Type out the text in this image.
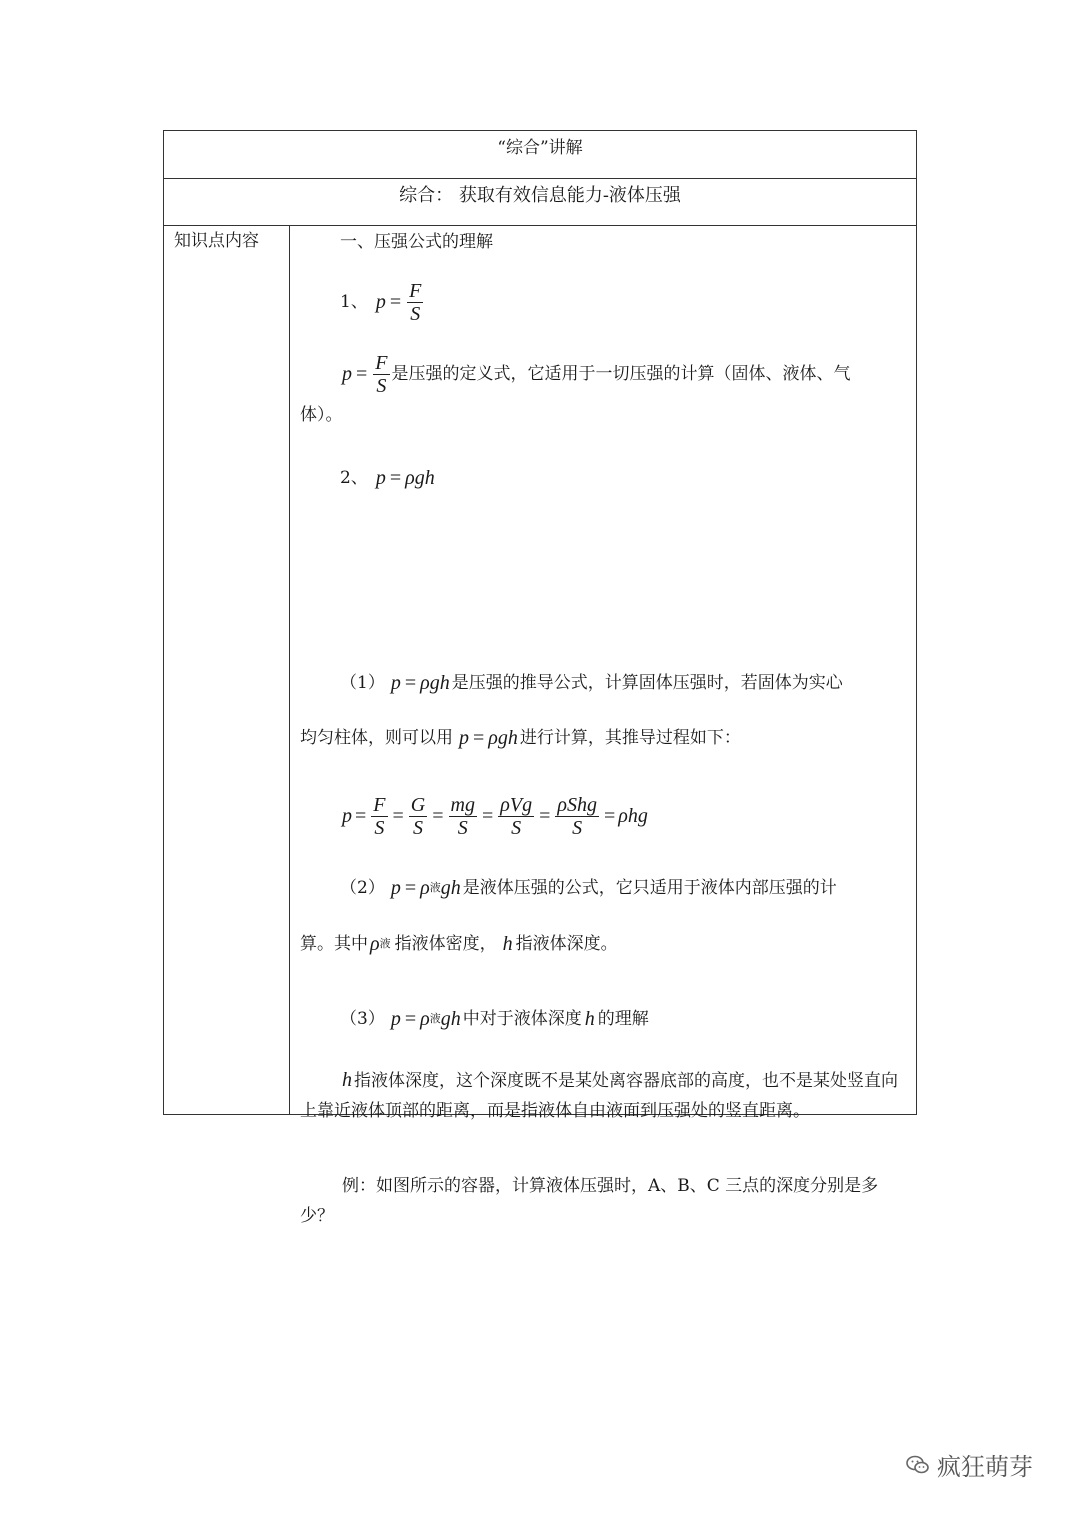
“综合”讲解
综合： 获取有效信息能力-液体压强
知识点内容	一、压强公式的理解
1、 $p = \frac{F}{S}$
$p = \frac{F}{S}$ 是压强的定义式，它适用于一切压强的计算（固体、液体、气
体）。
2、 p = ρgh
（1） p = ρgh 是压强的推导公式，计算固体压强时，若固体为实心
均匀柱体，则可以用 p = ρgh 进行计算，其推导过程如下：
$p = \frac{F}{S} = \frac{G}{S} = \frac{mg}{S} = \frac{\text{ρVg}}{S} = \frac{\text{ρShg}}{S} = \rho hg$
（2） p = ρ 液 gh 是液体压强的公式，它只适用于液体内部压强的计
算。其中 ρ 液 指液体密度， h 指液体深度。
（3） p = ρ 液 gh 中对于液体深度 h 的理解
h 指液体深度，这个深度既不是某处离容器底部的高度，也不是某处竖直向上靠近液体顶部的距离，而是指液体自由液面到压强处的竖直距离。
例：如图所示的容器，计算液体压强时，A、B、C 三点的深度分别是多少？
疯狂萌芽
